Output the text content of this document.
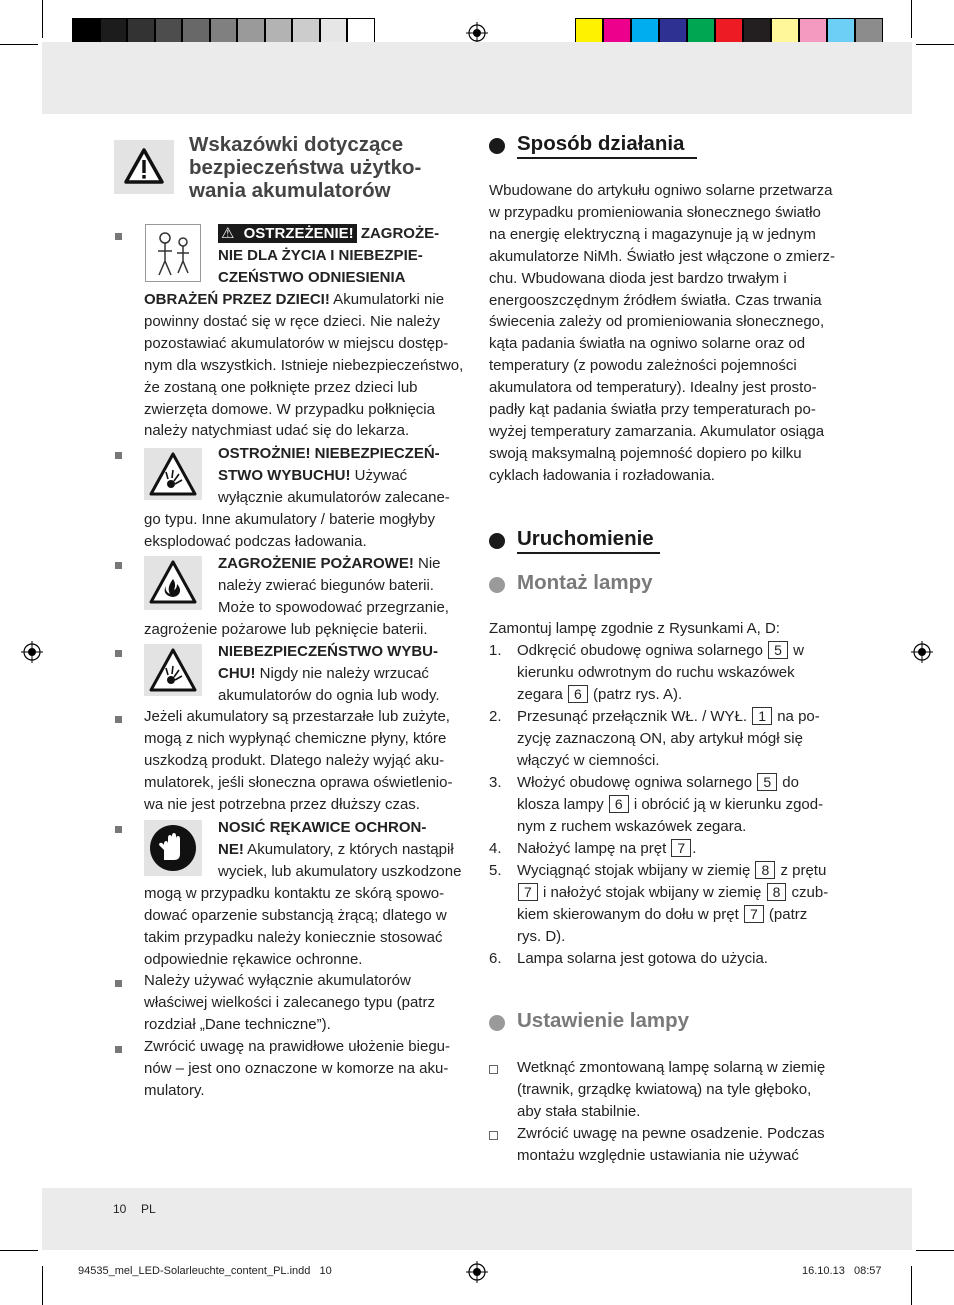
Wskazówki dotyczące
bezpieczeństwa użytko-
wania akumulatorów
⚠ OSTRZEŻENIE! ZAGROŻE-
NIE DLA ŻYCIA I NIEBEZPIE-
CZEŃSTWO ODNIESIENIA
OBRAŻEŃ PRZEZ DZIECI! Akumulatorki nie
powinny dostać się w ręce dzieci. Nie należy
pozostawiać akumulatorów w miejscu dostęp-
nym dla wszystkich. Istnieje niebezpieczeństwo,
że zostaną one połknięte przez dzieci lub
zwierzęta domowe. W przypadku połknięcia
należy natychmiast udać się do lekarza.
OSTROŻNIE! NIEBEZPIECZEŃ-
STWO WYBUCHU! Używać
wyłącznie akumulatorów zalecane-
go typu. Inne akumulatory / baterie mogłyby
eksplodować podczas ładowania.
ZAGROŻENIE POŻAROWE! Nie
należy zwierać biegunów baterii.
Może to spowodować przegrzanie,
zagrożenie pożarowe lub pęknięcie baterii.
NIEBEZPIECZEŃSTWO WYBU-
CHU! Nigdy nie należy wrzucać
akumulatorów do ognia lub wody.
Jeżeli akumulatory są przestarzałe lub zużyte,
mogą z nich wypłynąć chemiczne płyny, które
uszkodzą produkt. Dlatego należy wyjąć aku-
mulatorek, jeśli słoneczna oprawa oświetlenio-
wa nie jest potrzebna przez dłuższy czas.
NOSIĆ RĘKAWICE OCHRON-
NE! Akumulatory, z których nastąpił
wyciek, lub akumulatory uszkodzone
mogą w przypadku kontaktu ze skórą spowo-
dować oparzenie substancją żrącą; dlatego w
takim przypadku należy koniecznie stosować
odpowiednie rękawice ochronne.
Należy używać wyłącznie akumulatorów
właściwej wielkości i zalecanego typu (patrz
rozdział „Dane techniczne”).
Zwrócić uwagę na prawidłowe ułożenie biegu-
nów – jest ono oznaczone w komorze na aku-
mulatory.
Sposób działania
Wbudowane do artykułu ogniwo solarne przetwarza
w przypadku promieniowania słonecznego światło
na energię elektryczną i magazynuje ją w jednym
akumulatorze NiMh. Światło jest włączone o zmierz-
chu. Wbudowana dioda jest bardzo trwałym i
energooszczędnym źródłem światła. Czas trwania
świecenia zależy od promieniowania słonecznego,
kąta padania światła na ogniwo solarne oraz od
temperatury (z powodu zależności pojemności
akumulatora od temperatury). Idealny jest prosto-
padły kąt padania światła przy temperaturach po-
wyżej temperatury zamarzania. Akumulator osiąga
swoją maksymalną pojemność dopiero po kilku
cyklach ładowania i rozładowania.
Uruchomienie
Montaż lampy
Zamontuj lampę zgodnie z Rysunkami A, D:
1. Odkręcić obudowę ogniwa solarnego 5 w
kierunku odwrotnym do ruchu wskazówek
zegara 6 (patrz rys. A).
2. Przesunąć przełącznik WŁ. / WYŁ. 1 na po-
zycję zaznaczoną ON, aby artykuł mógł się
włączyć w ciemności.
3. Włożyć obudowę ogniwa solarnego 5 do
klosza lampy 6 i obrócić ją w kierunku zgod-
nym z ruchem wskazówek zegara.
4. Nałożyć lampę na pręt 7 .
5. Wyciągnąć stojak wbijany w ziemię 8 z prętu
7 i nałożyć stojak wbijany w ziemię 8 czub-
kiem skierowanym do dołu w pręt 7 (patrz
rys. D).
6. Lampa solarna jest gotowa do użycia.
Ustawienie lampy
Wetknąć zmontowaną lampę solarną w ziemię
(trawnik, grządkę kwiatową) na tyle głęboko,
aby stała stabilnie.
Zwrócić uwagę na pewne osadzenie. Podczas
montażu względnie ustawiania nie używać
10 PL
94535_mel_LED-Solarleuchte_content_PL.indd   10	16.10.13   08:57
